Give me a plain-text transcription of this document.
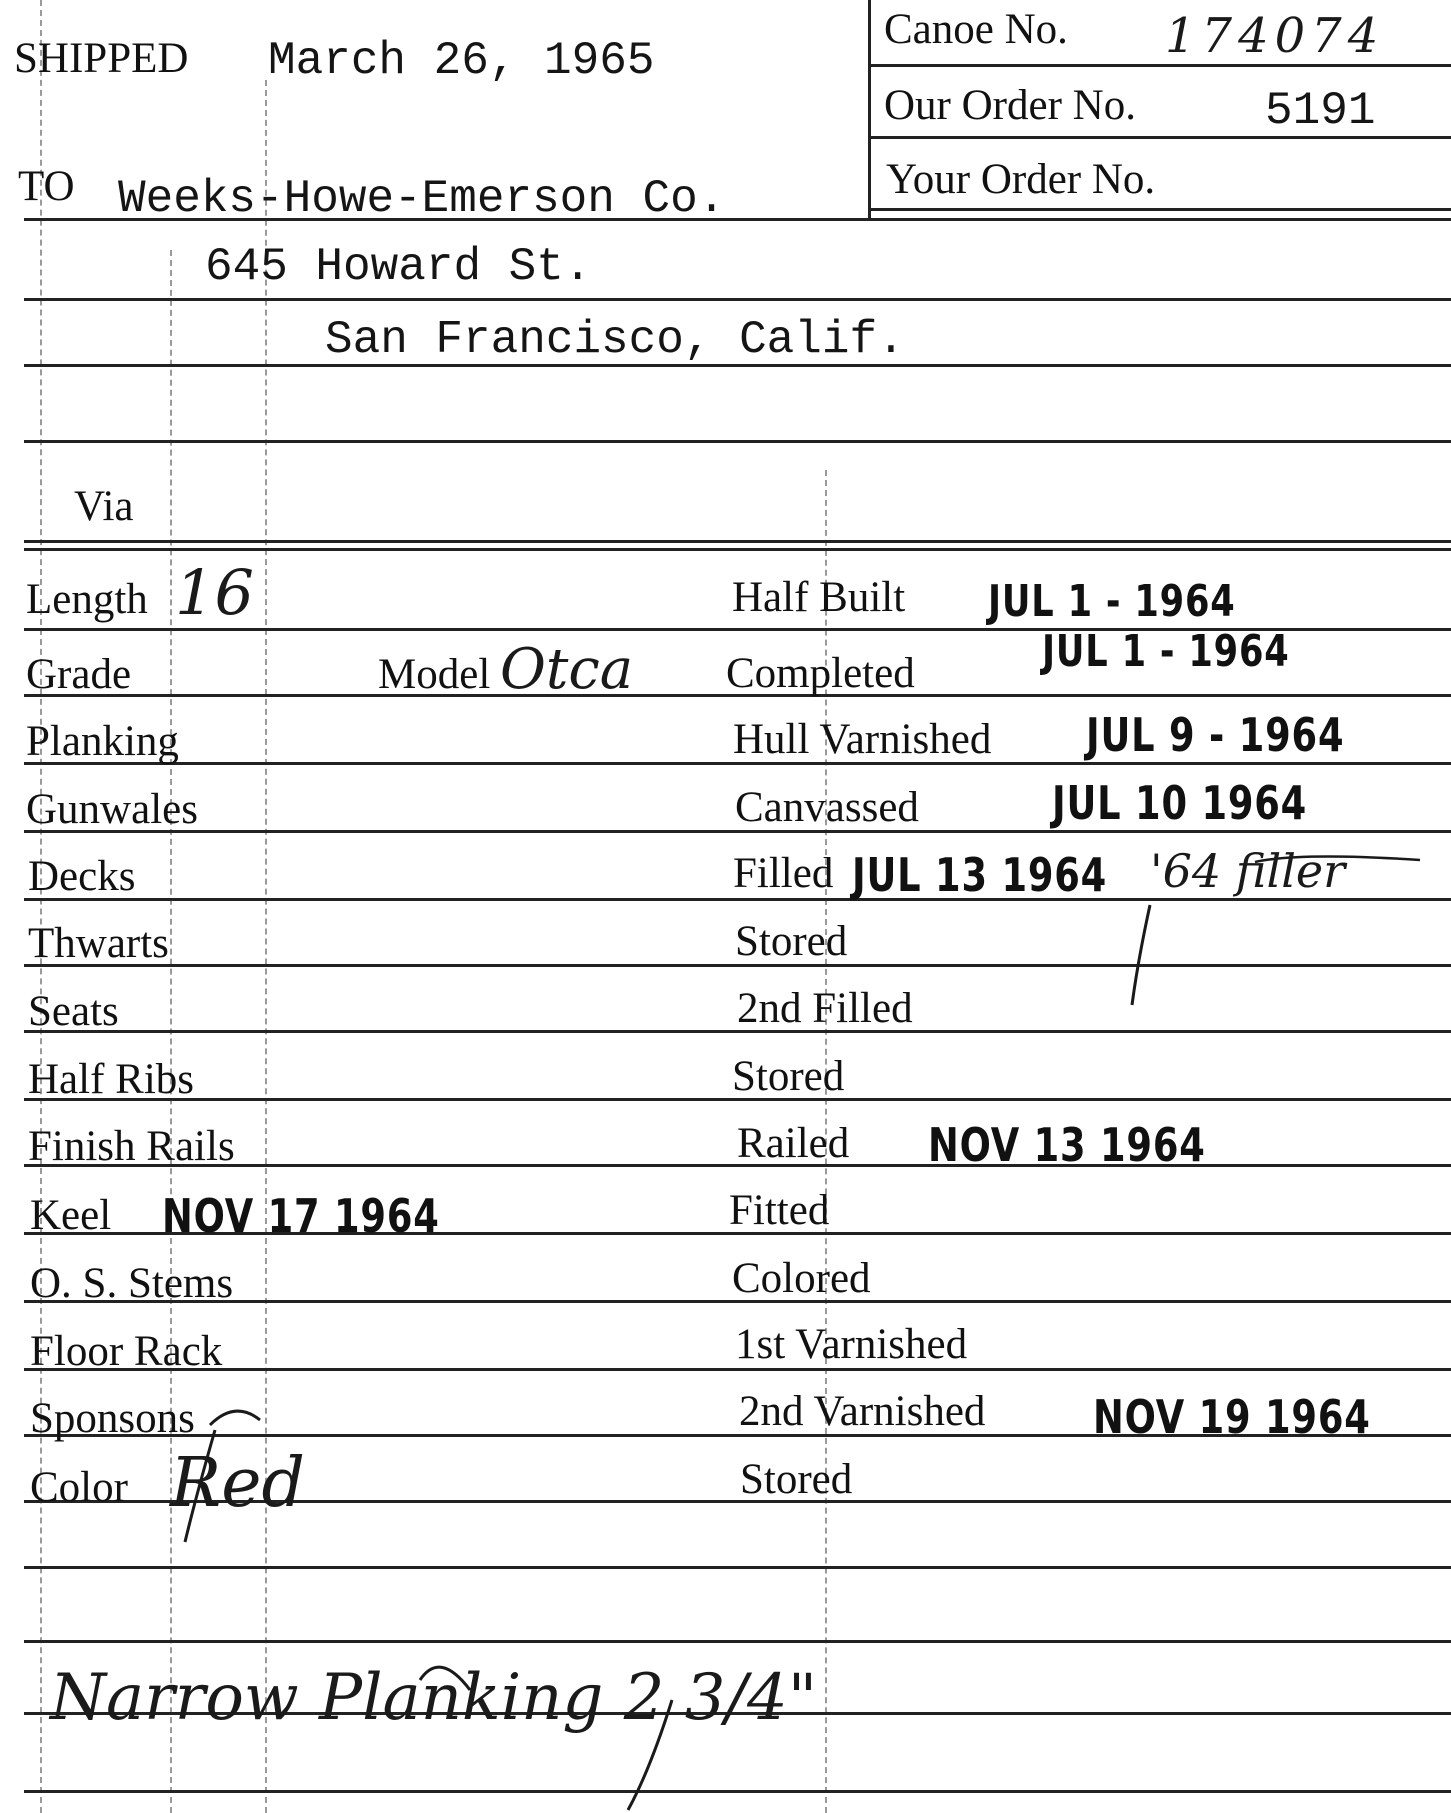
SHIPPED March 26, 1965
Canoe No. 174074
Our Order No.	5191
Your Order No.
TO Weeks-Howe-Emerson Co.
645 Howard St.
San Francisco, Calif.
Via
Length
Grade
Planking
Gunwales
Decks
Thwarts
Seats
Half Ribs
Finish Rails
Keel
O. S. Stems
Floor Rack
Sponsons
Color
16
Model Otca
NOV 17 1964
Red
Half Built
Completed
Hull Varnished
Canvassed
Filled
Stored
2nd Filled
Stored
Railed
Fitted
Colored
1st Varnished
2nd Varnished
Stored
JUL 1 - 1964
JUL 1 - 1964
JUL 9 - 1964
JUL 10 1964
JUL 13 1964 '64 filler
NOV 13 1964
NOV 19 1964
Narrow Planking 2 3/4"
